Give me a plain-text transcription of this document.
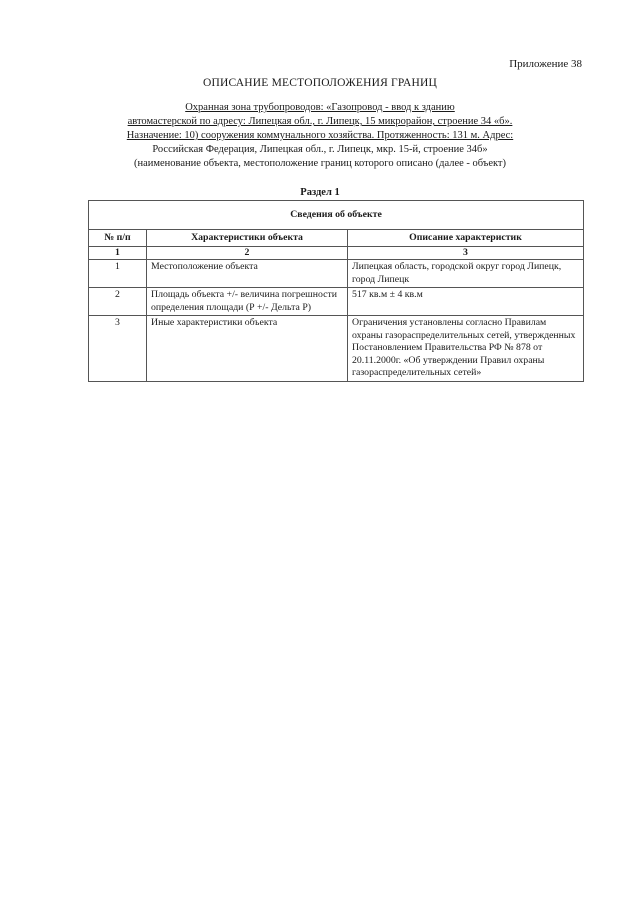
Приложение 38
ОПИСАНИЕ МЕСТОПОЛОЖЕНИЯ ГРАНИЦ
Охранная зона трубопроводов: «Газопровод - ввод к зданию
автомастерской по адресу: Липецкая обл., г. Липецк, 15 микрорайон, строение 34 «б».
Назначение: 10) сооружения коммунального хозяйства. Протяженность: 131 м. Адрес:
Российская Федерация, Липецкая обл., г. Липецк, мкр. 15-й, строение 34б»
(наименование объекта, местоположение границ которого описано (далее - объект)
Раздел 1
Сведения об объекте		
№ п/п	Характеристики объекта	Описание характеристик
1	2	3
1	Местоположение объекта	Липецкая область, городской округ город Липецк, город Липецк
2	Площадь объекта +/- величина погрешности определения площади (Р +/- Дельта Р)	517 кв.м ± 4 кв.м
3	Иные характеристики объекта	Ограничения установлены согласно Правилам охраны газораспределительных сетей, утвержденных Постановлением Правительства РФ № 878 от 20.11.2000г. «Об утверждении Правил охраны газораспределительных сетей»
